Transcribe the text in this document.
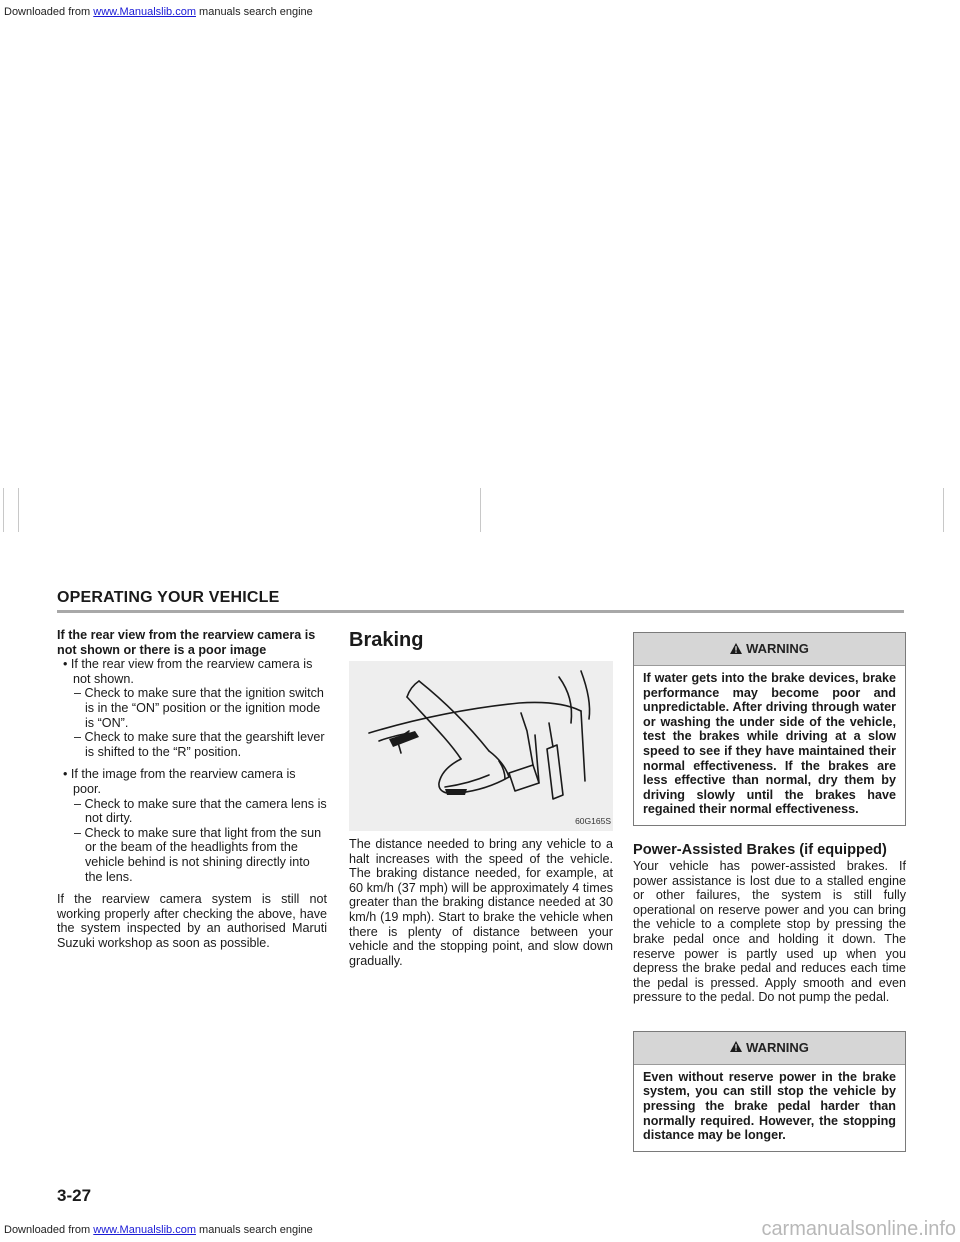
Downloaded from www.Manualslib.com manuals search engine
OPERATING YOUR VEHICLE

If the rear view from the rearview camera is not shown or there is a poor image

• If the rear view from the rearview camera is not shown.

– Check to make sure that the ignition switch is in the “ON” position or the ignition mode is “ON”.

– Check to make sure that the gearshift lever is shifted to the “R” position.

• If the image from the rearview camera is poor.

– Check to make sure that the camera lens is not dirty.

– Check to make sure that light from the sun or the beam of the headlights from the vehicle behind is not shining directly into the lens.

If the rearview camera system is still not working properly after checking the above, have the system inspected by an authorised Maruti Suzuki workshop as soon as possible.

Braking
60G165S

The distance needed to bring any vehicle to a halt increases with the speed of the vehicle. The braking distance needed, for example, at 60 km/h (37 mph) will be approximately 4 times greater than the braking distance needed at 30 km/h (19 mph). Start to brake the vehicle when there is plenty of distance between your vehicle and the stopping point, and slow down gradually.

WARNING
If water gets into the brake devices, brake performance may become poor and unpredictable. After driving through water or washing the under side of the vehicle, test the brakes while driving at a slow speed to see if they have maintained their normal effectiveness. If the brakes are less effective than normal, dry them by driving slowly until the brakes have regained their normal effectiveness.
Power-Assisted Brakes (if equipped)

Your vehicle has power-assisted brakes. If power assistance is lost due to a stalled engine or other failures, the system is still fully operational on reserve power and you can bring the vehicle to a complete stop by pressing the brake pedal once and holding it down. The reserve power is partly used up when you depress the brake pedal and reduces each time the pedal is pressed. Apply smooth and even pressure to the pedal. Do not pump the pedal.

WARNING
Even without reserve power in the brake system, you can still stop the vehicle by pressing the brake pedal harder than normally required. However, the stopping distance may be longer.
3-27
Downloaded from www.Manualslib.com manuals search engine	carmanualsonline.info
